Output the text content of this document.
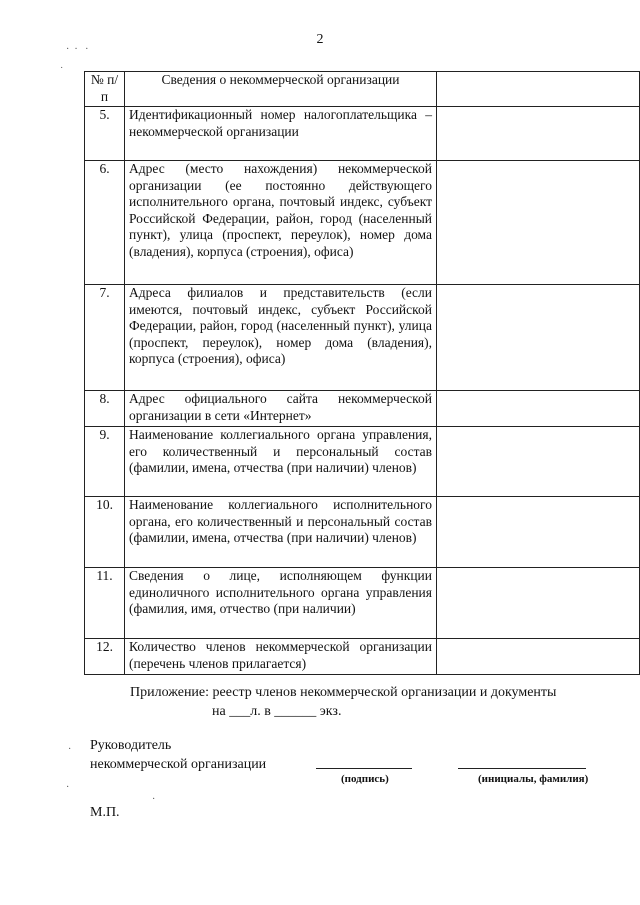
2
·  ·   ·
˙
№ п/п	Сведения о некоммерческой организации	
5.	Идентификационный номер налогоплательщика – некоммерческой организации	
6.	Адрес (место нахождения) некоммерческой организации (ее постоянно действующего исполнительного органа, почтовый индекс, субъект Российской Федерации, район, город (населенный пункт), улица (проспект, переулок), номер дома (владения), корпуса (строения), офиса)	
7.	Адреса филиалов и представительств (если имеются, почтовый индекс, субъект Российской Федерации, район, город (населенный пункт), улица (проспект, переулок), номер дома (владения), корпуса (строения), офиса)	
8.	Адрес официального сайта некоммерческой организации в сети «Интернет»	
9.	Наименование коллегиального органа управления, его количественный и персональный состав (фамилии, имена, отчества (при наличии) членов)	
10.	Наименование коллегиального исполнительного органа, его количественный и персональный состав (фамилии, имена, отчества (при наличии) членов)	
11.	Сведения о лице, исполняющем функции единоличного исполнительного органа управления (фамилия, имя, отчество (при наличии)	
12.	Количество членов некоммерческой организации (перечень членов прилагается)	
Приложение: реестр членов некоммерческой организации и документы
на ___л. в ______ экз.
Руководитель
некоммерческой организации
(подпись)	(инициалы, фамилия)
·
·
·
М.П.
